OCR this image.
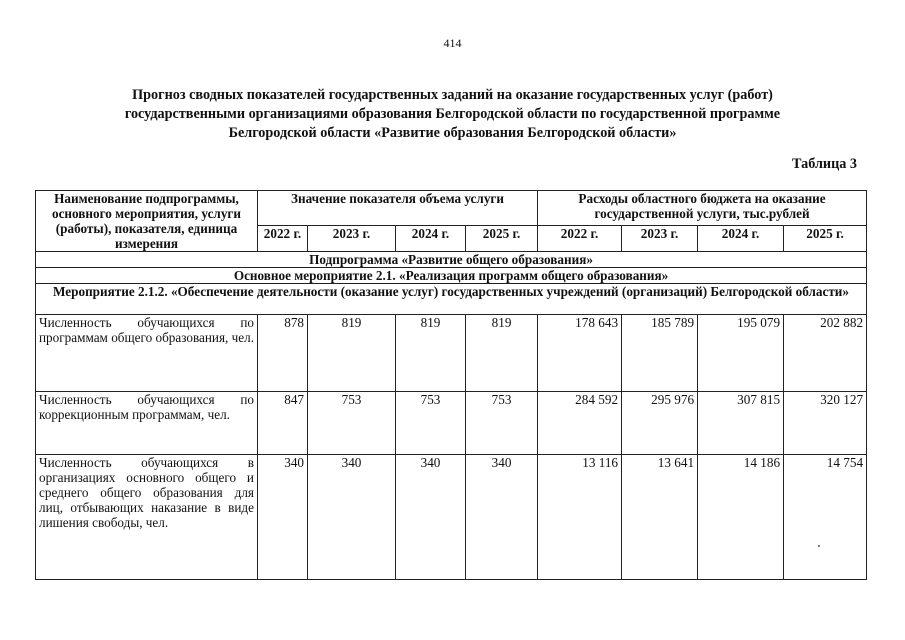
414
Прогноз сводных показателей государственных заданий на оказание государственных услуг (работ)
государственными организациями образования Белгородской области по государственной программе
Белгородской области «Развитие образования Белгородской области»
Таблица 3
Наименование подпрограммы, основного мероприятия, услуги (работы), показателя, единица измерения	Значение показателя объема услуги				Расходы областного бюджета на оказание государственной услуги, тыс.рублей			
	2022 г.	2023 г.	2024 г.	2025 г.	2022 г.	2023 г.	2024 г.	2025 г.
Подпрограмма «Развитие общего образования»								
Основное мероприятие 2.1. «Реализация программ общего образования»								
Мероприятие 2.1.2. «Обеспечение деятельности (оказание услуг) государственных учреждений (организаций) Белгородской области»								
Численность обучающихся по программам общего образования, чел.	878	819	819	819	178 643	185 789	195 079	202 882
Численность обучающихся по коррекционным программам, чел.	847	753	753	753	284 592	295 976	307 815	320 127
Численность обучающихся в организациях основного общего и среднего общего образования для лиц, отбывающих наказание в виде лишения свободы, чел.	340	340	340	340	13 116	13 641	14 186	14 754
